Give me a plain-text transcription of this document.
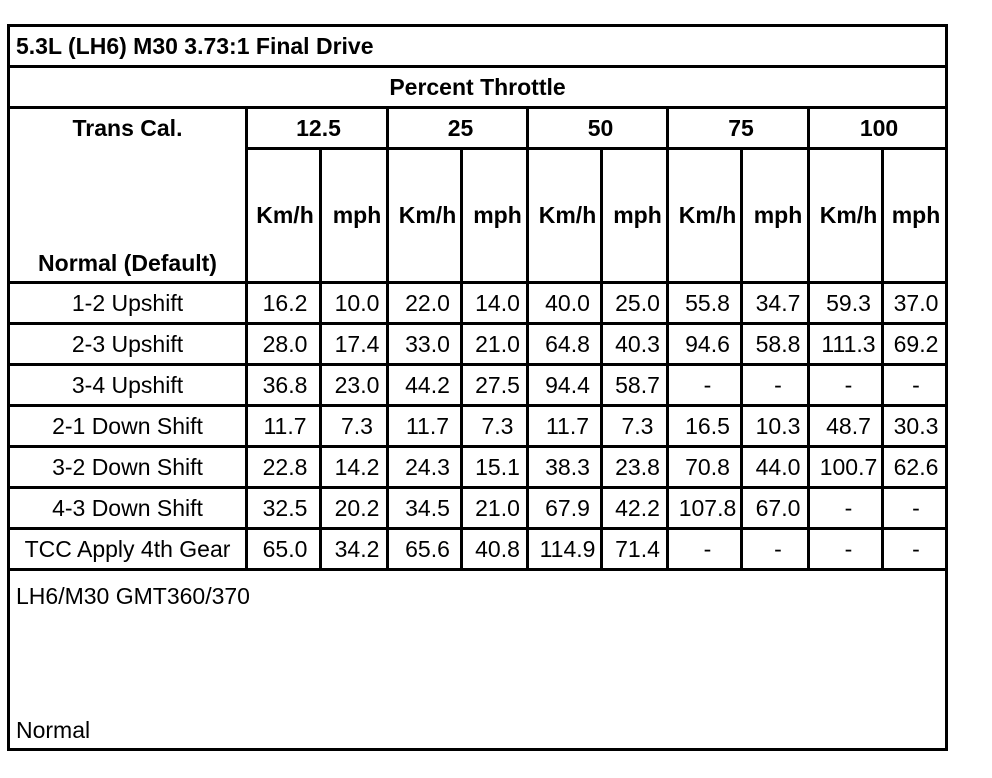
5.3L (LH6) M30 3.73:1 Final Drive
Percent Throttle
Trans Cal.
Normal (Default)
LH6/M30 GMT360/370
Normal
12.5	25	50	75	100
Km/h mph Km/h mph Km/h mph Km/h mph Km/h mph
1-2 Upshift	16.2	10.0	22.0	14.0	40.0	25.0	55.8	34.7	59.3 37.0
2-3 Upshift	28.0	17.4	33.0	21.0	64.8	40.3	94.6	58.8 111.3 69.2
3-4 Upshift	36.8	23.0	44.2	27.5	94.4	58.7	-	-	-	-
2-1 Down Shift	11.7	7.3	11.7	7.3	11.7	7.3	16.5	10.3	48.7 30.3
3-2 Down Shift	22.8	14.2	24.3	15.1	38.3	23.8	70.8	44.0 100.7 62.6
4-3 Down Shift	32.5	20.2	34.5	21.0	67.9	42.2 107.8 67.0	-	-
TCC Apply 4th Gear	65.0	34.2	65.6	40.8 114.9 71.4	-	-	-	-
